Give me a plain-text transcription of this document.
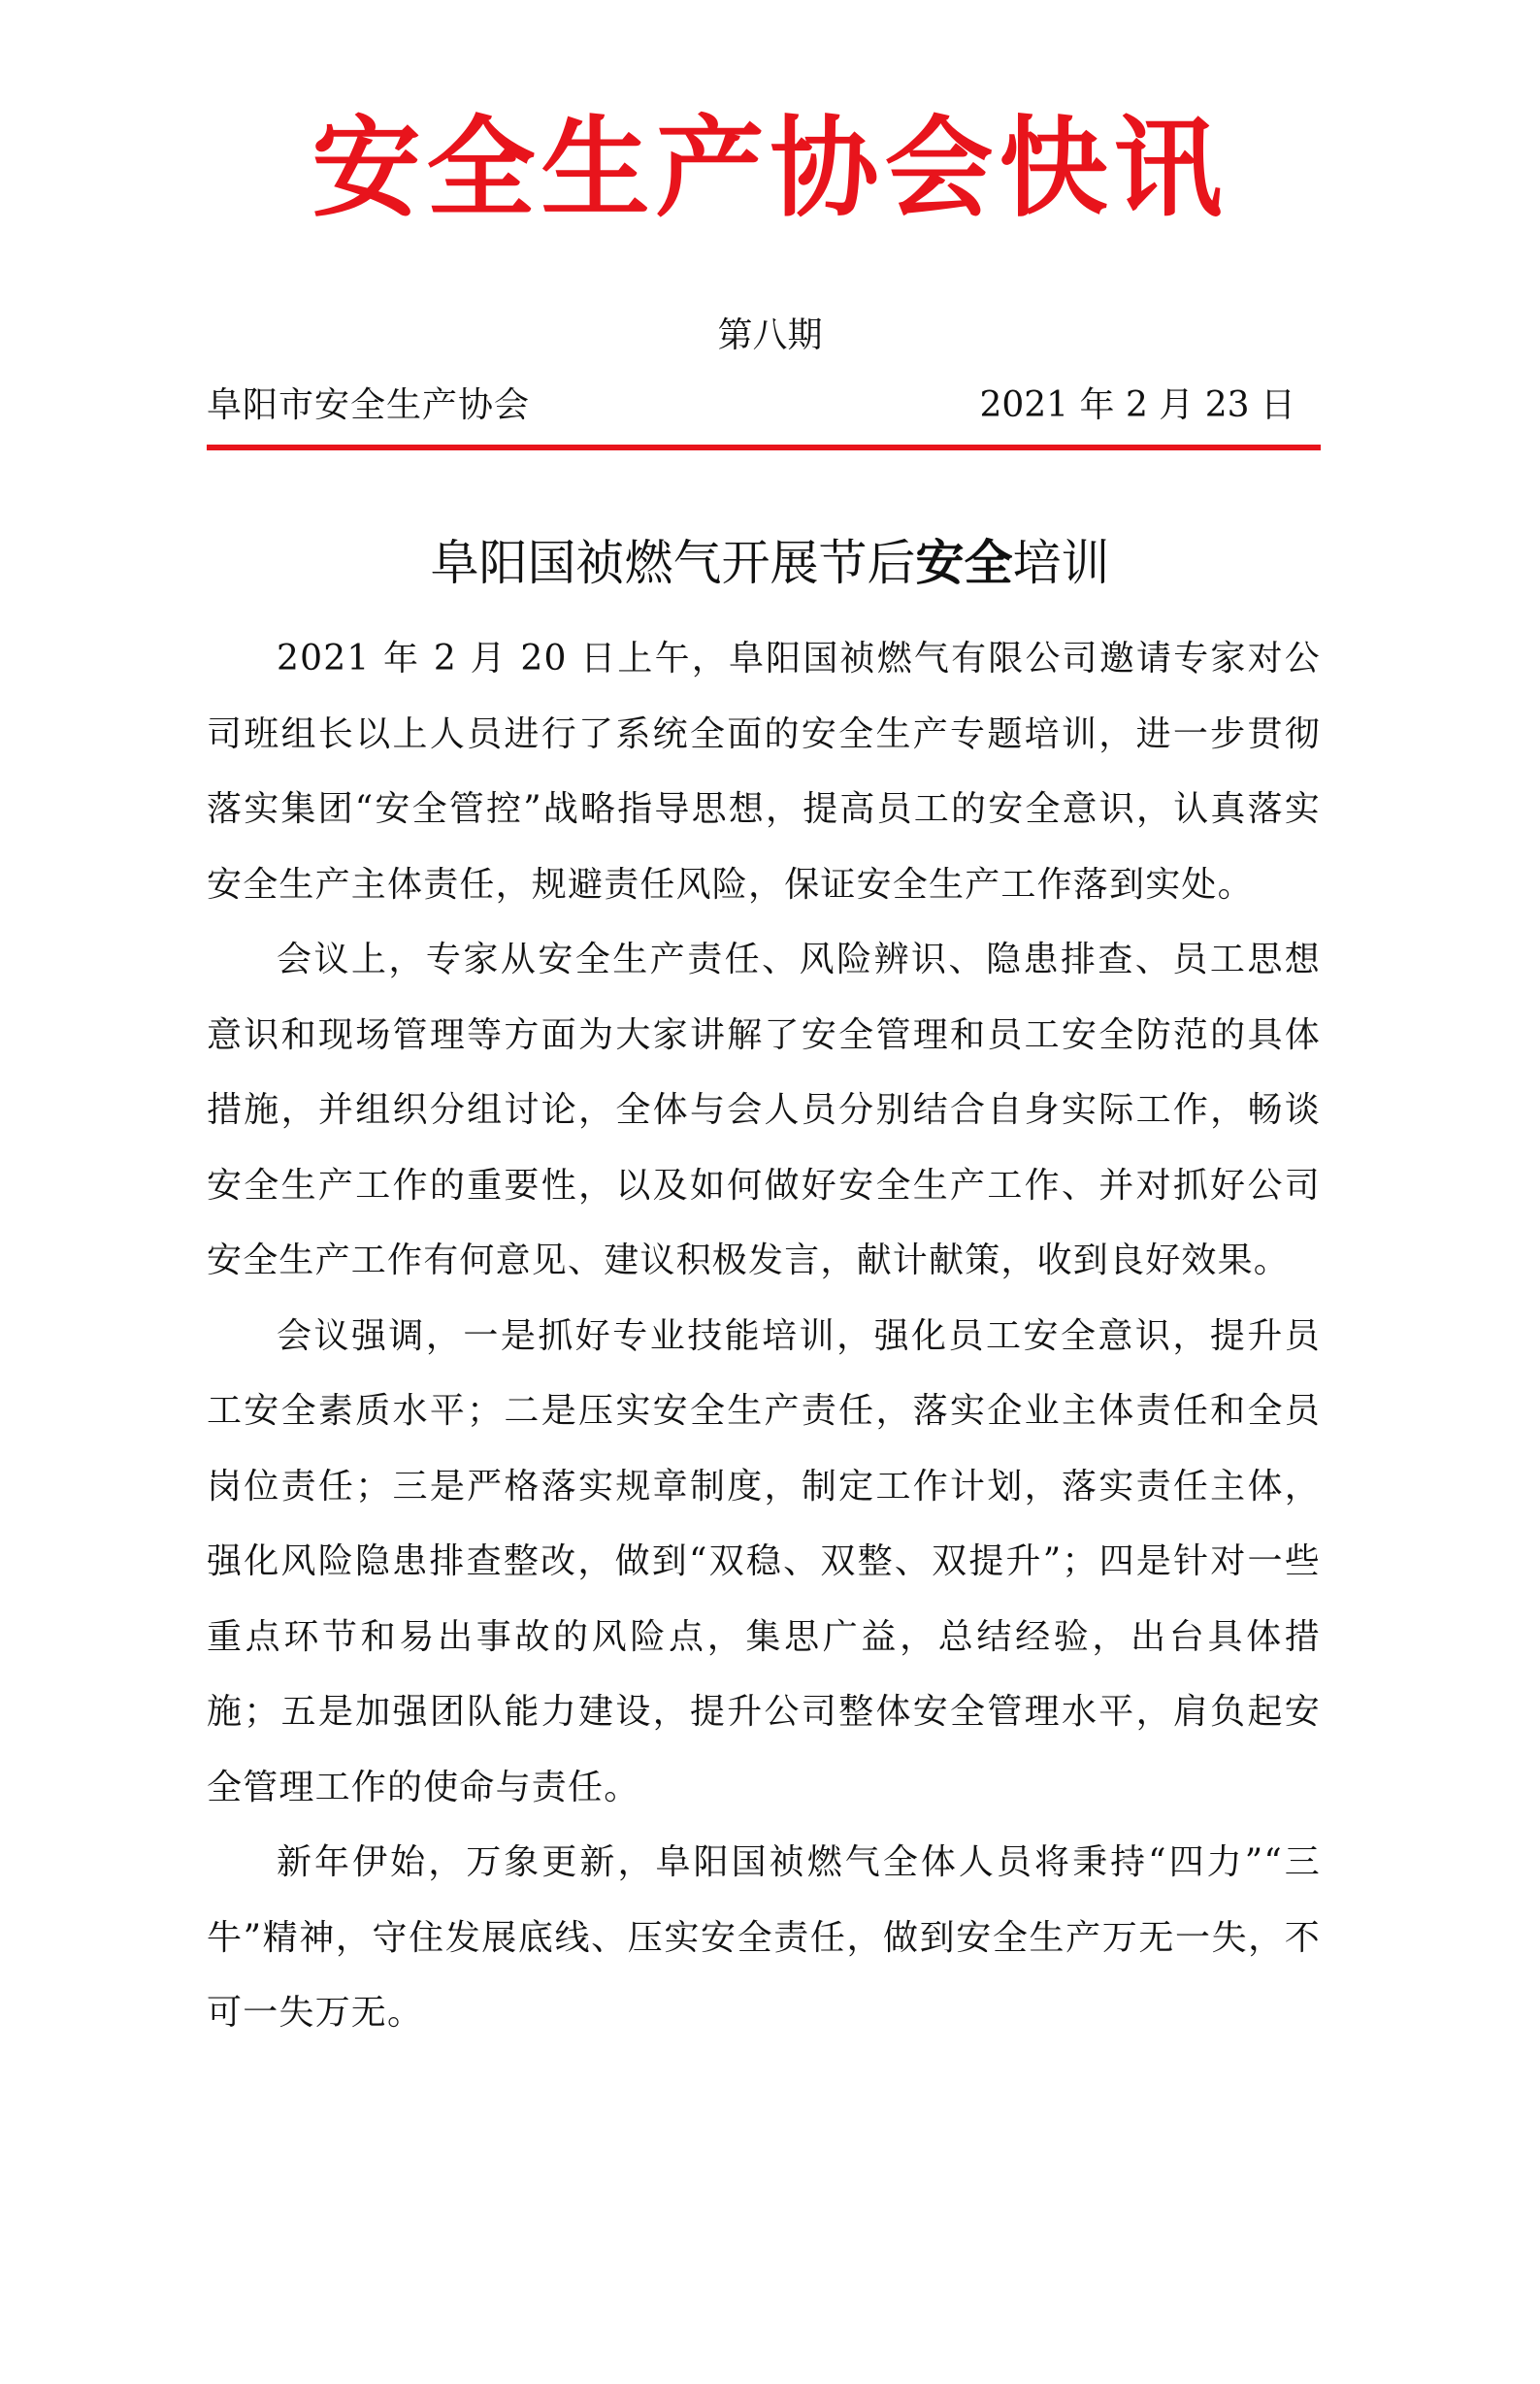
安全生产协会快讯
第八期
阜阳市安全生产协会	2021 年 2 月 23 日
阜阳国祯燃气开展节后安全培训

2021 年 2 月 20 日上午，阜阳国祯燃气有限公司邀请专家对公司班组长以上人员进行了系统全面的安全生产专题培训，进一步贯彻落实集团“安全管控”战略指导思想，提高员工的安全意识，认真落实安全生产主体责任，规避责任风险，保证安全生产工作落到实处。

会议上，专家从安全生产责任、风险辨识、隐患排查、员工思想意识和现场管理等方面为大家讲解了安全管理和员工安全防范的具体措施，并组织分组讨论，全体与会人员分别结合自身实际工作，畅谈安全生产工作的重要性，以及如何做好安全生产工作、并对抓好公司安全生产工作有何意见、建议积极发言，献计献策，收到良好效果。

会议强调，一是抓好专业技能培训，强化员工安全意识，提升员工安全素质水平；二是压实安全生产责任，落实企业主体责任和全员岗位责任；三是严格落实规章制度，制定工作计划，落实责任主体，强化风险隐患排查整改，做到“双稳、双整、双提升”；四是针对一些重点环节和易出事故的风险点，集思广益，总结经验，出台具体措施；五是加强团队能力建设，提升公司整体安全管理水平，肩负起安全管理工作的使命与责任。

新年伊始，万象更新，阜阳国祯燃气全体人员将秉持“四力”“三牛”精神，守住发展底线、压实安全责任，做到安全生产万无一失，不可一失万无。
